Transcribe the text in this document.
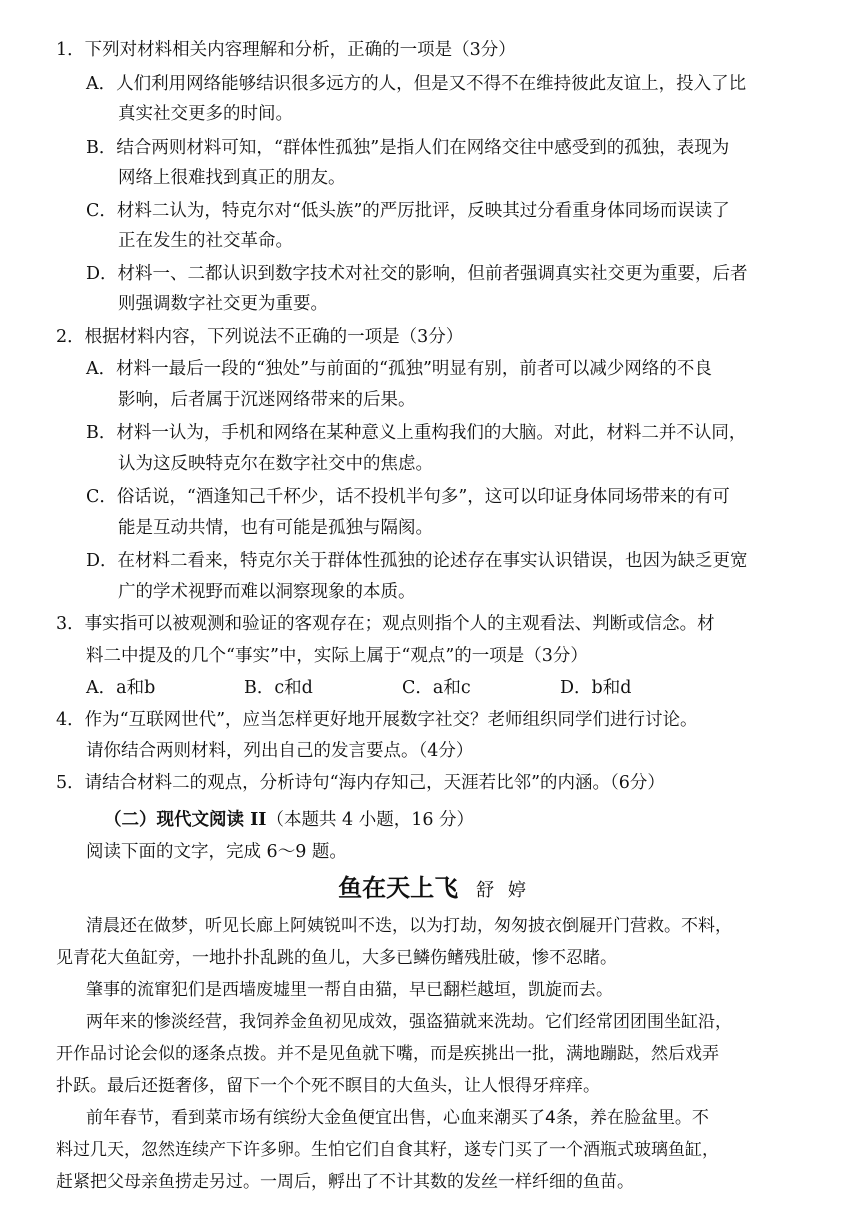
1．下列对材料相关内容理解和分析，正确的一项是（3分）
A．人们利用网络能够结识很多远方的人，但是又不得不在维持彼此友谊上，投入了比
真实社交更多的时间。
B．结合两则材料可知，“群体性孤独”是指人们在网络交往中感受到的孤独，表现为
网络上很难找到真正的朋友。
C．材料二认为，特克尔对“低头族”的严厉批评，反映其过分看重身体同场而误读了
正在发生的社交革命。
D．材料一、二都认识到数字技术对社交的影响，但前者强调真实社交更为重要，后者
则强调数字社交更为重要。
2．根据材料内容，下列说法不正确的一项是（3分）
A．材料一最后一段的“独处”与前面的“孤独”明显有别，前者可以减少网络的不良
影响，后者属于沉迷网络带来的后果。
B．材料一认为，手机和网络在某种意义上重构我们的大脑。对此，材料二并不认同，
认为这反映特克尔在数字社交中的焦虑。
C．俗话说，“酒逢知己千杯少，话不投机半句多”，这可以印证身体同场带来的有可
能是互动共情，也有可能是孤独与隔阂。
D．在材料二看来，特克尔关于群体性孤独的论述存在事实认识错误，也因为缺乏更宽
广的学术视野而难以洞察现象的本质。
3．事实指可以被观测和验证的客观存在；观点则指个人的主观看法、判断或信念。材
料二中提及的几个“事实”中，实际上属于“观点”的一项是（3分）
A．a和b	B．c和d	C．a和c	D．b和d
4．作为“互联网世代”，应当怎样更好地开展数字社交？老师组织同学们进行讨论。
请你结合两则材料，列出自己的发言要点。（4分）
5．请结合材料二的观点，分析诗句“海内存知己，天涯若比邻”的内涵。（6分）
（二）现代文阅读 II（本题共 4 小题，16 分）
阅读下面的文字，完成 6～9 题。
鱼在天上飞 舒 婷
清晨还在做梦，听见长廊上阿姨锐叫不迭，以为打劫，匆匆披衣倒屣开门营救。不料，
见青花大鱼缸旁，一地扑扑乱跳的鱼儿，大多已鳞伤鳍残肚破，惨不忍睹。
肇事的流窜犯们是西墙废墟里一帮自由猫，早已翻栏越垣，凯旋而去。
两年来的惨淡经营，我饲养金鱼初见成效，强盗猫就来洗劫。它们经常团团围坐缸沿，
开作品讨论会似的逐条点拨。并不是见鱼就下嘴，而是疾挑出一批，满地蹦跶，然后戏弄
扑跃。最后还挺奢侈，留下一个个死不瞑目的大鱼头，让人恨得牙痒痒。
前年春节，看到菜市场有缤纷大金鱼便宜出售，心血来潮买了4条，养在脸盆里。不
料过几天，忽然连续产下许多卵。生怕它们自食其籽，遂专门买了一个酒瓶式玻璃鱼缸，
赶紧把父母亲鱼捞走另过。一周后，孵出了不计其数的发丝一样纤细的鱼苗。
